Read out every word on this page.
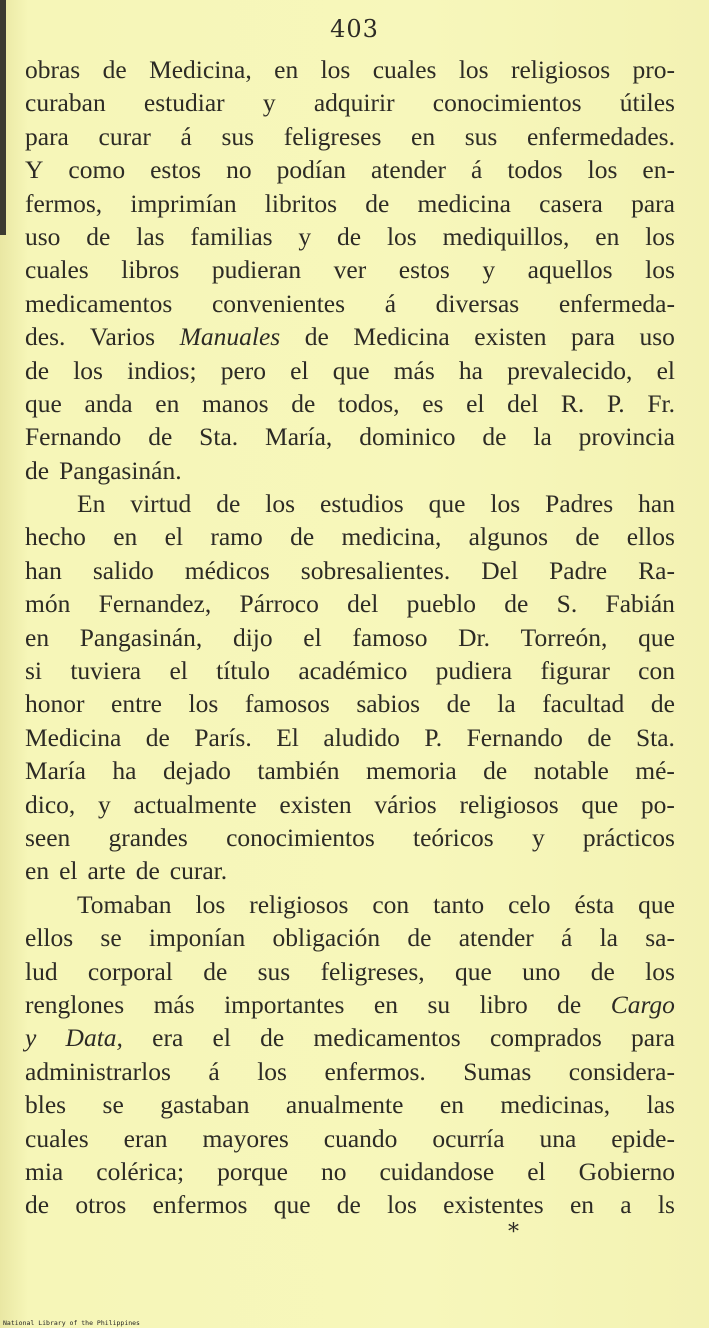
403
obras de Medicina, en los cuales los religiosos pro-
curaban estudiar y adquirir conocimientos útiles
para curar á sus feligreses en sus enfermedades.
Y como estos no podían atender á todos los en-
fermos, imprimían libritos de medicina casera para
uso de las familias y de los mediquillos, en los
cuales libros pudieran ver estos y aquellos los
medicamentos convenientes á diversas enfermeda-
des. Varios Manuales de Medicina existen para uso
de los indios; pero el que más ha prevalecido, el
que anda en manos de todos, es el del R. P. Fr.
Fernando de Sta. María, dominico de la provincia
de Pangasinán.
En virtud de los estudios que los Padres han
hecho en el ramo de medicina, algunos de ellos
han salido médicos sobresalientes. Del Padre Ra-
món Fernandez, Párroco del pueblo de S. Fabián
en Pangasinán, dijo el famoso Dr. Torreón, que
si tuviera el título académico pudiera figurar con
honor entre los famosos sabios de la facultad de
Medicina de París. El aludido P. Fernando de Sta.
María ha dejado también memoria de notable mé-
dico, y actualmente existen vários religiosos que po-
seen grandes conocimientos teóricos y prácticos
en el arte de curar.
Tomaban los religiosos con tanto celo ésta que
ellos se imponían obligación de atender á la sa-
lud corporal de sus feligreses, que uno de los
renglones más importantes en su libro de Cargo
y Data, era el de medicamentos comprados para
administrarlos á los enfermos. Sumas considera-
bles se gastaban anualmente en medicinas, las
cuales eran mayores cuando ocurría una epide-
mia colérica; porque no cuidandose el Gobierno
de otros enfermos que de los existentes en a ls
*
National Library of the Philippines
